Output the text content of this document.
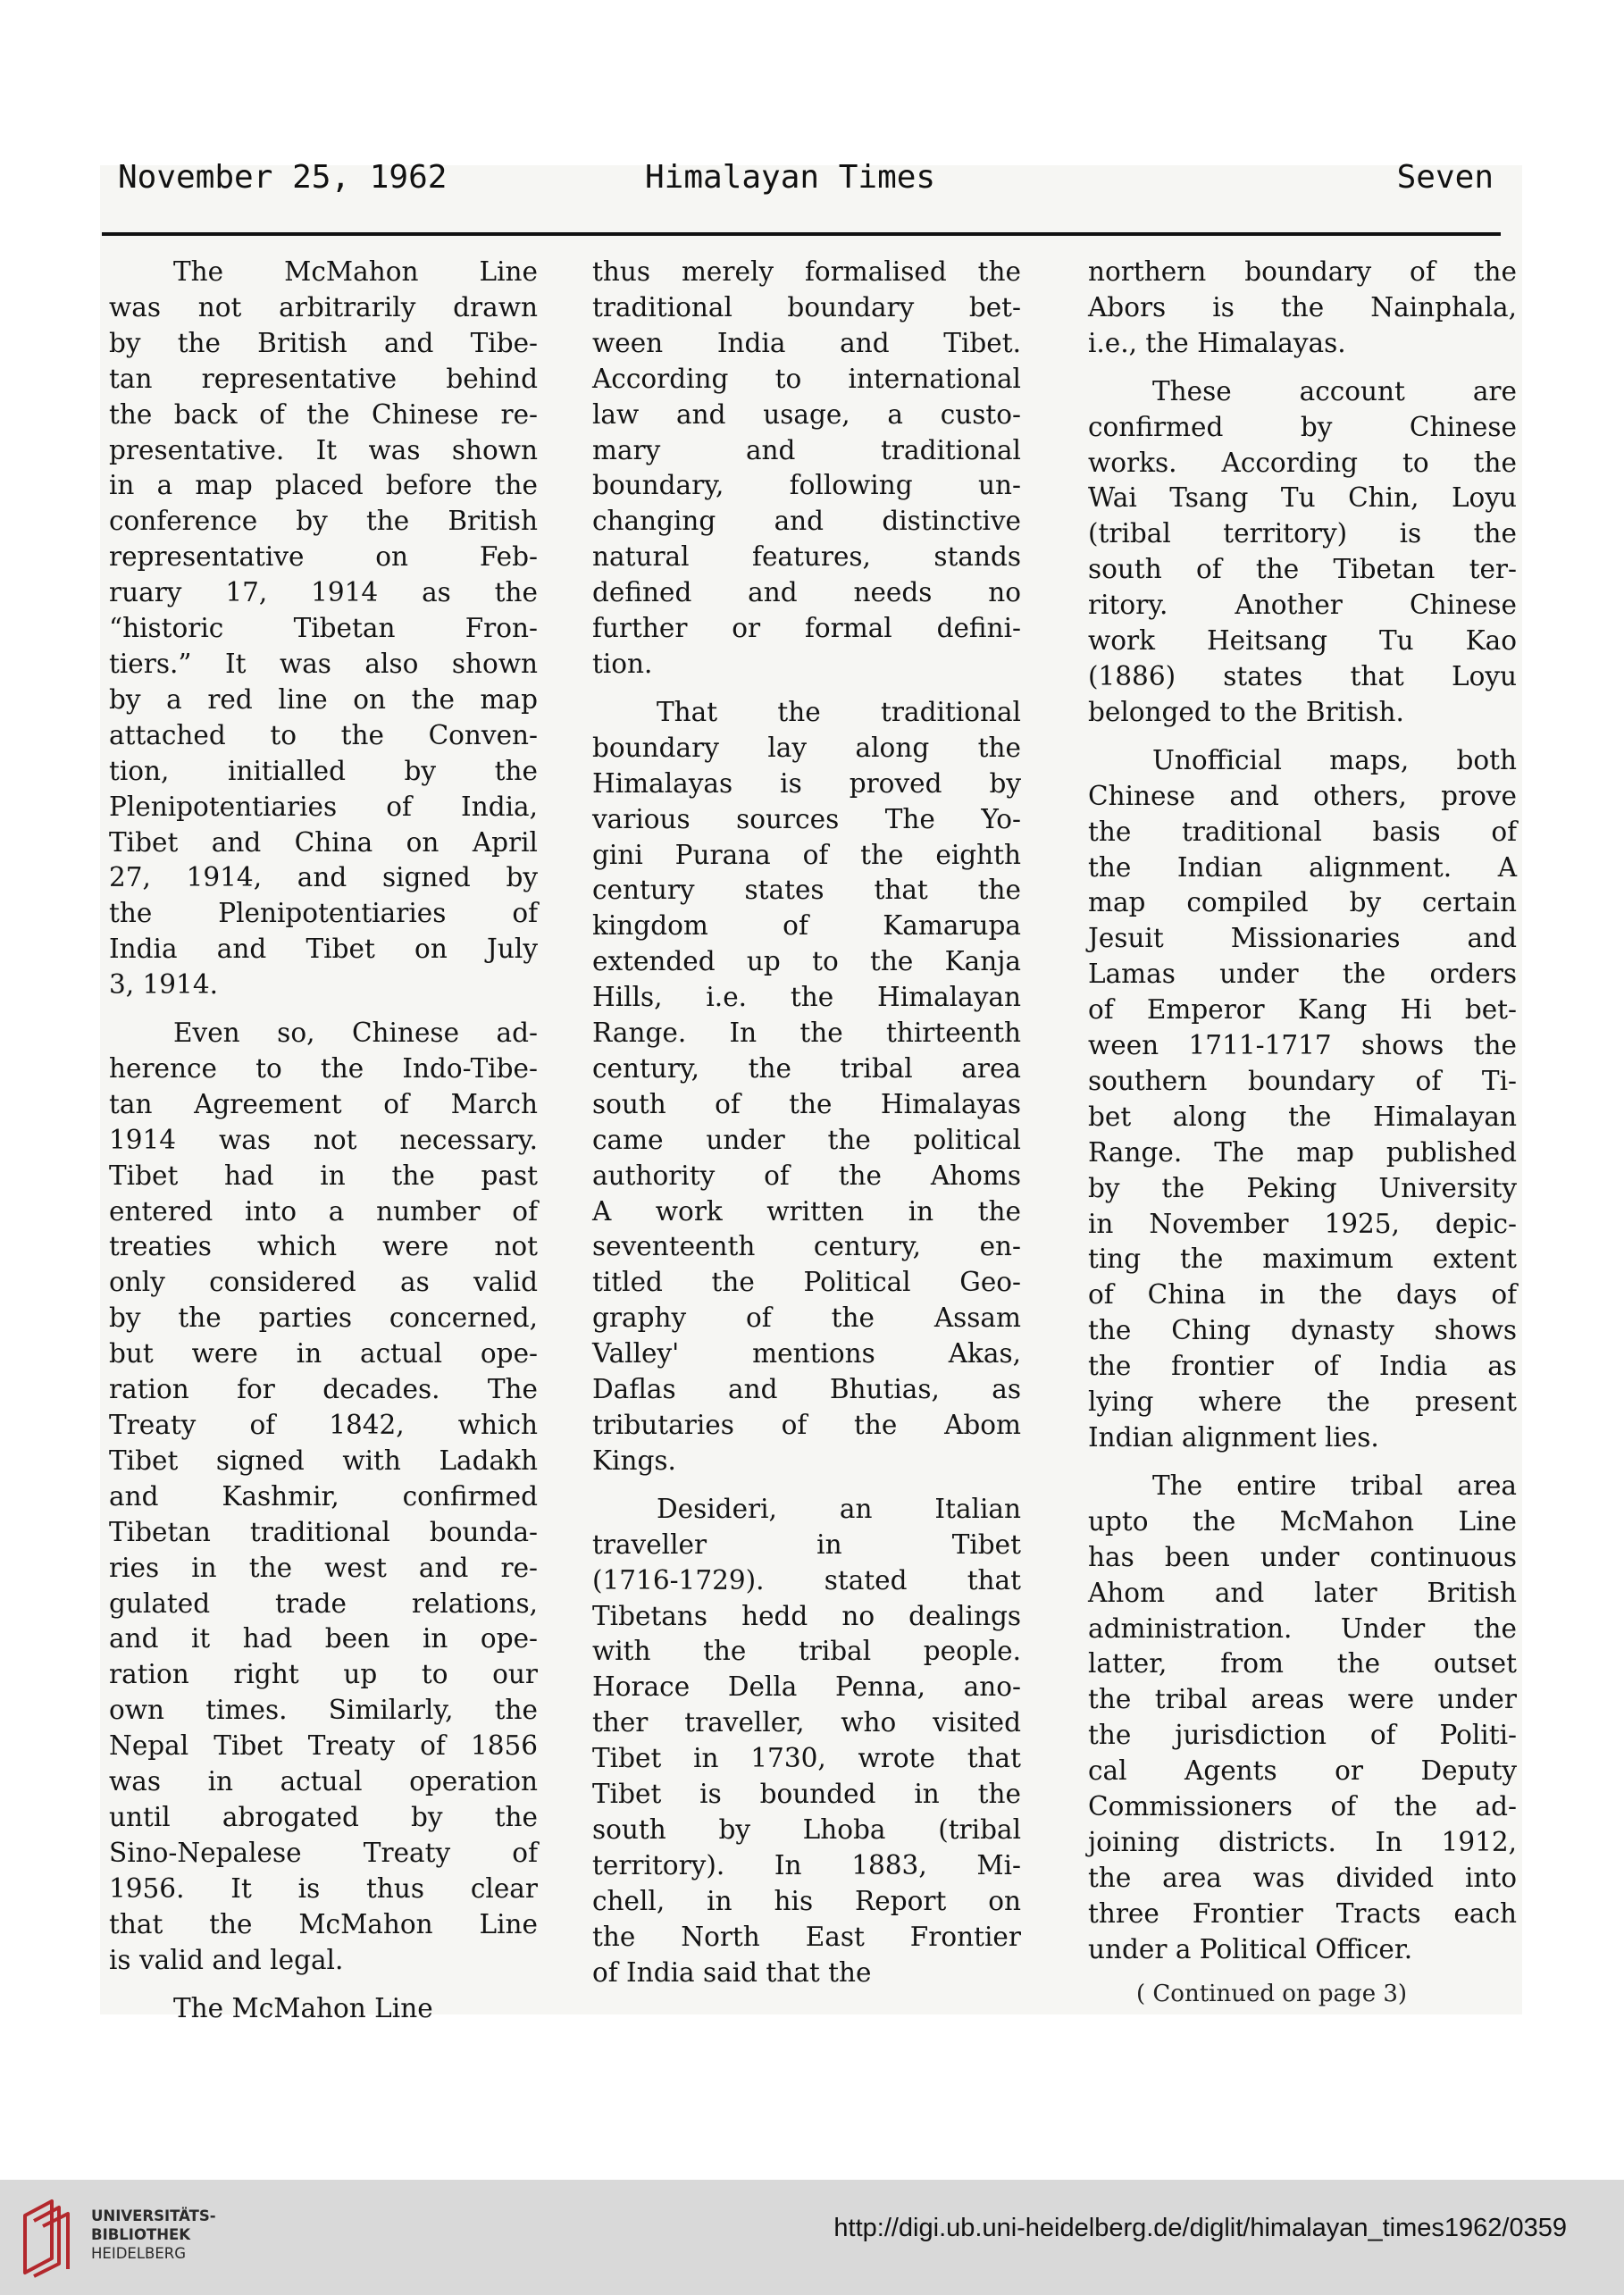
November 25, 1962	Himalayan Times	Seven

The McMahon Line

was not arbitrarily drawn

by the British and Tibe-

tan representative behind

the back of the Chinese re-

presentative. It was shown

in a map placed before the

conference by the British

representative on Feb-

ruary 17, 1914 as the

“historic Tibetan Fron-

tiers.” It was also shown

by a red line on the map

attached to the Conven-

tion, initialled by the

Plenipotentiaries of India,

Tibet and China on April

27, 1914, and signed by

the Plenipotentiaries of

India and Tibet on July

3, 1914.

Even so, Chinese ad-

herence to the Indo-Tibe-

tan Agreement of March

1914 was not necessary.

Tibet had in the past

entered into a number of

treaties which were not

only considered as valid

by the parties concerned,

but were in actual ope-

ration for decades. The

Treaty of 1842, which

Tibet signed with Ladakh

and Kashmir, confirmed

Tibetan traditional bounda-

ries in the west and re-

gulated trade relations,

and it had been in ope-

ration right up to our

own times. Similarly, the

Nepal Tibet Treaty of 1856

was in actual operation

until abrogated by the

Sino-Nepalese Treaty of

1956. It is thus clear

that the McMahon Line

is valid and legal.

The McMahon Line

thus merely formalised the

traditional boundary bet-

ween India and Tibet.

According to international

law and usage, a custo-

mary and traditional

boundary, following un-

changing and distinctive

natural features, stands

defined and needs no

further or formal defini-

tion.

That the traditional

boundary lay along the

Himalayas is proved by

various sources The Yo-

gini Purana of the eighth

century states that the

kingdom of Kamarupa

extended up to the Kanja

Hills, i.e. the Himalayan

Range. In the thirteenth

century, the tribal area

south of the Himalayas

came under the political

authority of the Ahoms

A work written in the

seventeenth century, en-

titled the Political Geo-

graphy of the Assam

Valley' mentions Akas,

Daflas and Bhutias, as

tributaries of the Abom

Kings.

Desideri, an Italian

traveller in Tibet

(1716-1729). stated that

Tibetans hedd no dealings

with the tribal people.

Horace Della Penna, ano-

ther traveller, who visited

Tibet in 1730, wrote that

Tibet is bounded in the

south by Lhoba (tribal

territory). In 1883, Mi-

chell, in his Report on

the North East Frontier

of India said that the

northern boundary of the

Abors is the Nainphala,

i.e., the Himalayas.

These account are

confirmed by Chinese

works. According to the

Wai Tsang Tu Chin, Loyu

(tribal territory) is the

south of the Tibetan ter-

ritory. Another Chinese

work Heitsang Tu Kao

(1886) states that Loyu

belonged to the British.

Unofficial maps, both

Chinese and others, prove

the traditional basis of

the Indian alignment. A

map compiled by certain

Jesuit Missionaries and

Lamas under the orders

of Emperor Kang Hi bet-

ween 1711-1717 shows the

southern boundary of Ti-

bet along the Himalayan

Range. The map published

by the Peking University

in November 1925, depic-

ting the maximum extent

of China in the days of

the Ching dynasty shows

the frontier of India as

lying where the present

Indian alignment lies.

The entire tribal area

upto the McMahon Line

has been under continuous

Ahom and later British

administration. Under the

latter, from the outset

the tribal areas were under

the jurisdiction of Politi-

cal Agents or Deputy

Commissioners of the ad-

joining districts. In 1912,

the area was divided into

three Frontier Tracts each

under a Political Officer.

( Continued on page 3)
UNIVERSITÄTS-
BIBLIOTHEK
HEIDELBERG
http://digi.ub.uni-heidelberg.de/diglit/himalayan_times1962/0359
